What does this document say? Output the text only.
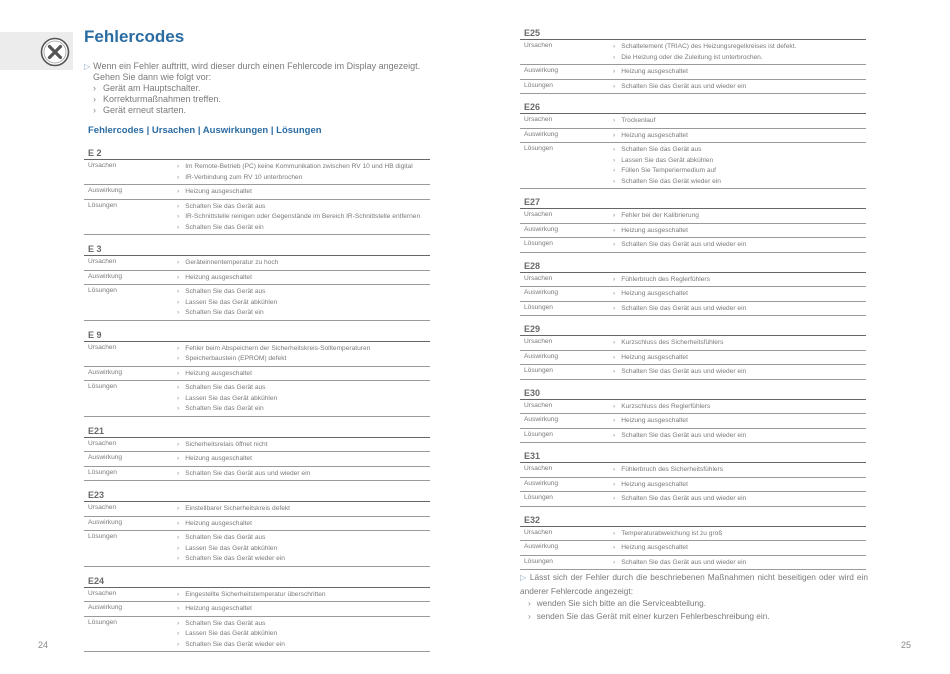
Fehlercodes
▷ Wenn ein Fehler auftritt, wird dieser durch einen Fehlercode im Display angezeigt.
Gehen Sie dann wie folgt vor:
› Gerät am Hauptschalter.
› Korrekturmaßnahmen treffen.
› Gerät erneut starten.
Fehlercodes | Ursachen | Auswirkungen | Lösungen
E 2
Ursachen	› Im Remote-Betrieb (PC) keine Kommunikation zwischen RV 10 und HB digital
› IR-Verbindung zum RV 10 unterbrochen
Auswirkung	› Heizung ausgeschaltet
Lösungen	› Schalten Sie das Gerät aus
› IR-Schnittstelle reinigen oder Gegenstände im Bereich IR-Schnittstelle entfernen
› Schalten Sie das Gerät ein
E 3
Ursachen	› Geräteinnentemperatur zu hoch
Auswirkung	› Heizung ausgeschaltet
Lösungen	› Schalten Sie das Gerät aus
› Lassen Sie das Gerät abkühlen
› Schalten Sie das Gerät ein
E 9
Ursachen	› Fehler beim Abspeichern der Sicherheitskreis-Solltemperaturen
› Speicherbaustein (EPROM) defekt
Auswirkung	› Heizung ausgeschaltet
Lösungen	› Schalten Sie das Gerät aus
› Lassen Sie das Gerät abkühlen
› Schalten Sie das Gerät ein
E21
Ursachen	› Sicherheitsrelais öffnet nicht
Auswirkung	› Heizung ausgeschaltet
Lösungen	› Schalten Sie das Gerät aus und wieder ein
E23
Ursachen	› Einstellbarer Sicherheitskreis defekt
Auswirkung	› Heizung ausgeschaltet
Lösungen	› Schalten Sie das Gerät aus
› Lassen Sie das Gerät abkühlen
› Schalten Sie das Gerät wieder ein
E24
Ursachen	› Eingestellte Sicherheitstemperatur überschritten
Auswirkung	› Heizung ausgeschaltet
Lösungen	› Schalten Sie das Gerät aus
› Lassen Sie das Gerät abkühlen
› Schalten Sie das Gerät wieder ein
E25
Ursachen	› Schaltelement (TRIAC) des Heizungsregelkreises ist defekt.
› Die Heizung oder die Zuleitung ist unterbrochen.
Auswirkung	› Heizung ausgeschaltet
Lösungen	› Schalten Sie das Gerät aus und wieder ein
E26
Ursachen	› Trockenlauf
Auswirkung	› Heizung ausgeschaltet
Lösungen	› Schalten Sie das Gerät aus
› Lassen Sie das Gerät abkühlen
› Füllen Sie Temperiermedium auf
› Schalten Sie das Gerät wieder ein
E27
Ursachen	› Fehler bei der Kalibrierung
Auswirkung	› Heizung ausgeschaltet
Lösungen	› Schalten Sie das Gerät aus und wieder ein
E28
Ursachen	› Fühlerbruch des Reglerfühlers
Auswirkung	› Heizung ausgeschaltet
Lösungen	› Schalten Sie das Gerät aus und wieder ein
E29
Ursachen	› Kurzschluss des Sicherheitsfühlers
Auswirkung	› Heizung ausgeschaltet
Lösungen	› Schalten Sie das Gerät aus und wieder ein
E30
Ursachen	› Kurzschluss des Reglerfühlers
Auswirkung	› Heizung ausgeschaltet
Lösungen	› Schalten Sie das Gerät aus und wieder ein
E31
Ursachen	› Fühlerbruch des Sicherheitsfühlers
Auswirkung	› Heizung ausgeschaltet
Lösungen	› Schalten Sie das Gerät aus und wieder ein
E32
Ursachen	› Temperaturabweichung ist zu groß
Auswirkung	› Heizung ausgeschaltet
Lösungen	› Schalten Sie das Gerät aus und wieder ein
▷ Lässt sich der Fehler durch die beschriebenen Maßnahmen nicht beseitigen oder wird ein anderer Fehlercode angezeigt:
› wenden Sie sich bitte an die Serviceabteilung.
› senden Sie das Gerät mit einer kurzen Fehlerbeschreibung ein.
24	25
